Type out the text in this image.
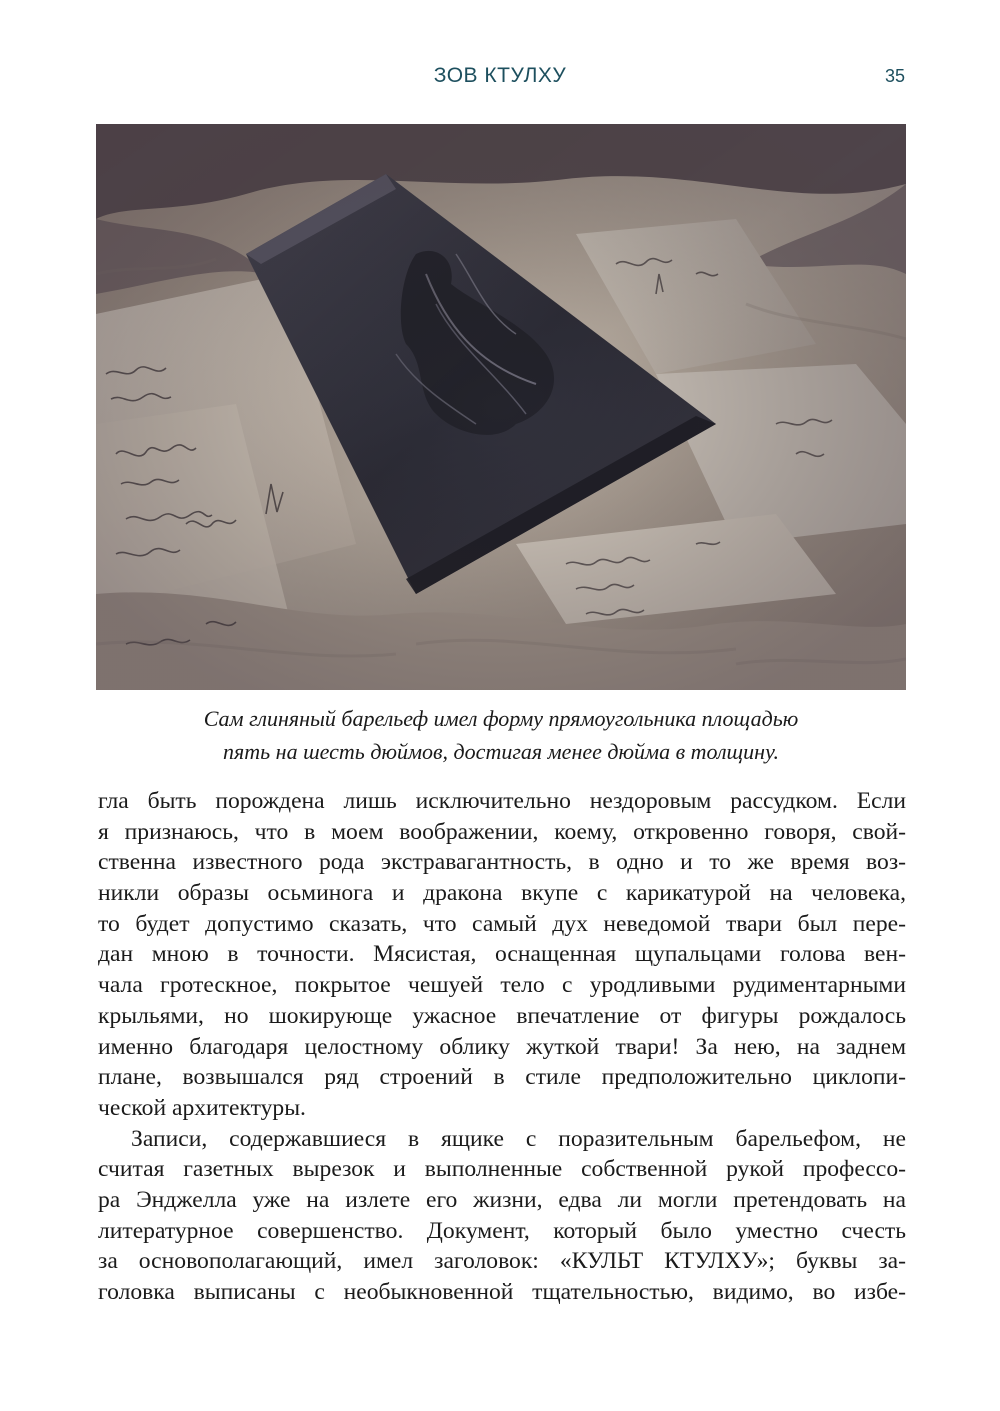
ЗОВ КТУЛХУ	35
Сам глиняный барельеф имел форму прямоугольника площадью
пять на шесть дюймов, достигая менее дюйма в толщину.
гла быть порождена лишь исключительно нездоровым рассудком. Если
я признаюсь, что в моем воображении, коему, откровенно говоря, свой-
ственна известного рода экстравагантность, в одно и то же время воз-
никли образы осьминога и дракона вкупе с карикатурой на человека,
то будет допустимо сказать, что самый дух неведомой твари был пере-
дан мною в точности. Мясистая, оснащенная щупальцами голова вен-
чала гротескное, покрытое чешуей тело с уродливыми рудиментарными
крыльями, но шокирующе ужасное впечатление от фигуры рождалось
именно благодаря целостному облику жуткой твари! За нею, на заднем
плане, возвышался ряд строений в стиле предположительно циклопи-
ческой архитектуры.
Записи, содержавшиеся в ящике с поразительным барельефом, не
считая газетных вырезок и выполненные собственной рукой профессо-
ра Энджелла уже на излете его жизни, едва ли могли претендовать на
литературное совершенство. Документ, который было уместно счесть
за основополагающий, имел заголовок: «КУЛЬТ КТУЛХУ»; буквы за-
головка выписаны с необыкновенной тщательностью, видимо, во избе-
